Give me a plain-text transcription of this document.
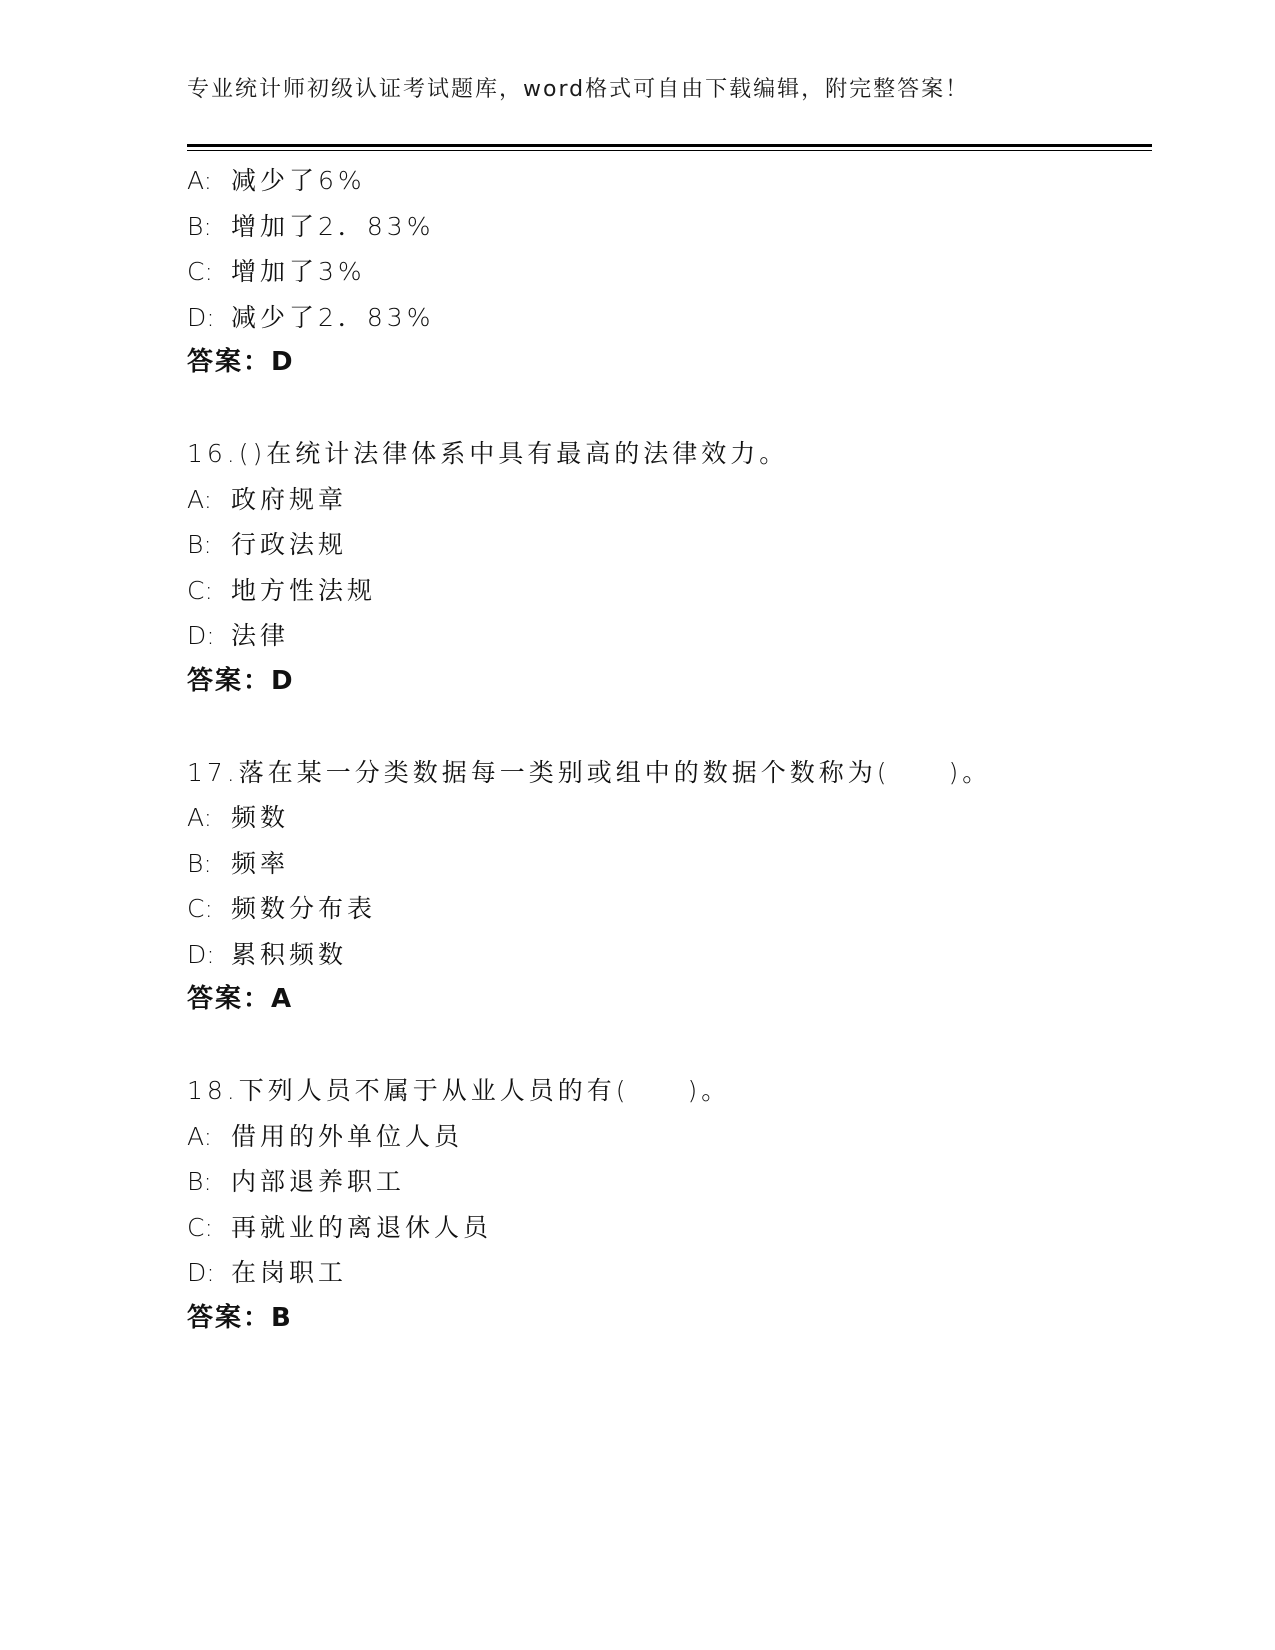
专业统计师初级认证考试题库，word格式可自由下载编辑，附完整答案！
A: 减少了6%
B: 增加了2．83%
C: 增加了3%
D: 减少了2．83%
答案：D
16.()在统计法律体系中具有最高的法律效力。
A: 政府规章
B: 行政法规
C: 地方性法规
D: 法律
答案：D
17.落在某一分类数据每一类别或组中的数据个数称为(　　)。
A: 频数
B: 频率
C: 频数分布表
D: 累积频数
答案：A
18.下列人员不属于从业人员的有(　　)。
A: 借用的外单位人员
B: 内部退养职工
C: 再就业的离退休人员
D: 在岗职工
答案：B
